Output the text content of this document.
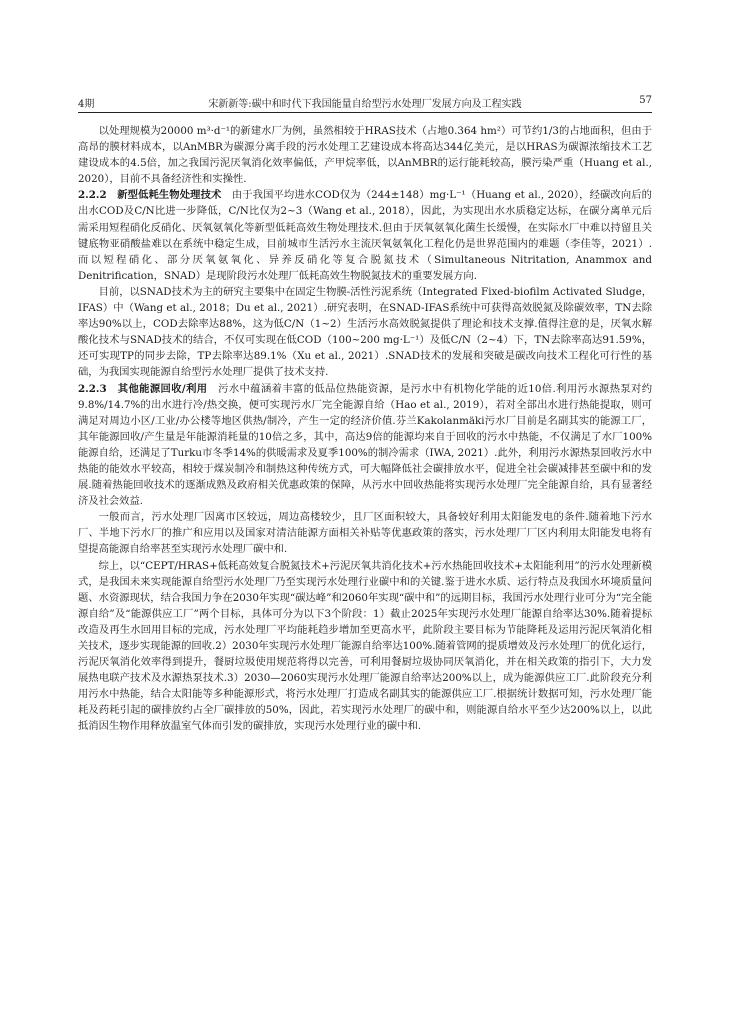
4期	宋新新等:碳中和时代下我国能量自给型污水处理厂发展方向及工程实践	57

以处理规模为20000 m³·d⁻¹的新建水厂为例，虽然相较于HRAS技术（占地0.364 hm²）可节约1/3的占地面积，但由于高昂的膜材料成本，以AnMBR为碳源分离手段的污水处理工艺建设成本将高达344亿美元，是以HRAS为碳源浓缩技术工艺建设成本的4.5倍，加之我国污泥厌氧消化效率偏低，产甲烷率低，以AnMBR的运行能耗较高，膜污染严重（Huang et al., 2020），目前不具备经济性和实操性.

2.2.2　新型低耗生物处理技术　由于我国平均进水COD仅为（244±148）mg·L⁻¹（Huang et al., 2020），经碳改向后的出水COD及C/N比进一步降低，C/N比仅为2~3（Wang et al., 2018），因此，为实现出水水质稳定达标，在碳分离单元后需采用短程硝化反硝化、厌氧氨氧化等新型低耗高效生物处理技术.但由于厌氧氨氧化菌生长缓慢，在实际水厂中难以持留且关键底物亚硝酸盐难以在系统中稳定生成，目前城市生活污水主流厌氧氨氧化工程化仍是世界范围内的难题（李佳等，2021）.而以短程硝化、部分厌氧氨氧化、异养反硝化等复合脱氮技术（Simultaneous Nitritation, Anammox and Denitrification，SNAD）是现阶段污水处理厂低耗高效生物脱氮技术的重要发展方向.

目前，以SNAD技术为主的研究主要集中在固定生物膜-活性污泥系统（Integrated Fixed-biofilm Activated Sludge，IFAS）中（Wang et al., 2018；Du et al., 2021）.研究表明，在SNAD-IFAS系统中可获得高效脱氮及除碳效率，TN去除率达90%以上，COD去除率达88%，这为低C/N（1~2）生活污水高效脱氮提供了理论和技术支撑.值得注意的是，厌氧水解酸化技术与SNAD技术的结合，不仅可实现在低COD（100~200 mg·L⁻¹）及低C/N（2~4）下，TN去除率高达91.59%，还可实现TP的同步去除，TP去除率达89.1%（Xu et al., 2021）.SNAD技术的发展和突破是碳改向技术工程化可行性的基础，为我国实现能源自给型污水处理厂提供了技术支持.

2.2.3　其他能源回收/利用　污水中蕴涵着丰富的低品位热能资源，是污水中有机物化学能的近10倍.利用污水源热泵对约9.8%/14.7%的出水进行冷/热交换，便可实现污水厂完全能源自给（Hao et al., 2019），若对全部出水进行热能提取，则可满足对周边小区/工业/办公楼等地区供热/制冷，产生一定的经济价值.芬兰Kakolanmäki污水厂目前是名副其实的能源工厂，其年能源回收/产生量是年能源消耗量的10倍之多，其中，高达9倍的能源均来自于回收的污水中热能，不仅满足了水厂100%能源自给，还满足了Turku市冬季14%的供暖需求及夏季100%的制冷需求（IWA, 2021）.此外，利用污水源热泵回收污水中热能的能效水平较高，相较于煤炭制冷和制热这种传统方式，可大幅降低社会碳排放水平，促进全社会碳减排甚至碳中和的发展.随着热能回收技术的逐渐成熟及政府相关优惠政策的保障，从污水中回收热能将实现污水处理厂完全能源自给，具有显著经济及社会效益.

一般而言，污水处理厂因离市区较远，周边高楼较少，且厂区面积较大，具备较好利用太阳能发电的条件.随着地下污水厂、半地下污水厂的推广和应用以及国家对清洁能源方面相关补贴等优惠政策的落实，污水处理厂厂区内利用太阳能发电将有望提高能源自给率甚至实现污水处理厂碳中和.

综上，以“CEPT/HRAS+低耗高效复合脱氮技术+污泥厌氧共消化技术+污水热能回收技术+太阳能利用”的污水处理新模式，是我国未来实现能源自给型污水处理厂乃至实现污水处理行业碳中和的关键.鉴于进水水质、运行特点及我国水环境质量问题、水资源现状，结合我国力争在2030年实现“碳达峰”和2060年实现“碳中和”的远期目标，我国污水处理行业可分为“完全能源自给”及“能源供应工厂”两个目标，具体可分为以下3个阶段：1）截止2025年实现污水处理厂能源自给率达30%.随着提标改造及再生水回用目标的完成，污水处理厂平均能耗趋步增加至更高水平，此阶段主要目标为节能降耗及运用污泥厌氧消化相关技术，逐步实现能源的回收.2）2030年实现污水处理厂能源自给率达100%.随着管网的提质增效及污水处理厂的优化运行，污泥厌氧消化效率得到提升，餐厨垃圾使用规范将得以完善，可利用餐厨垃圾协同厌氧消化，并在相关政策的指引下，大力发展热电联产技术及水源热泵技术.3）2030—2060实现污水处理厂能源自给率达200%以上，成为能源供应工厂.此阶段充分利用污水中热能，结合太阳能等多种能源形式，将污水处理厂打造成名副其实的能源供应工厂.根据统计数据可知，污水处理厂能耗及药耗引起的碳排放约占全厂碳排放的50%，因此，若实现污水处理厂的碳中和，则能源自给水平至少达200%以上，以此抵消因生物作用释放温室气体而引发的碳排放，实现污水处理行业的碳中和.
